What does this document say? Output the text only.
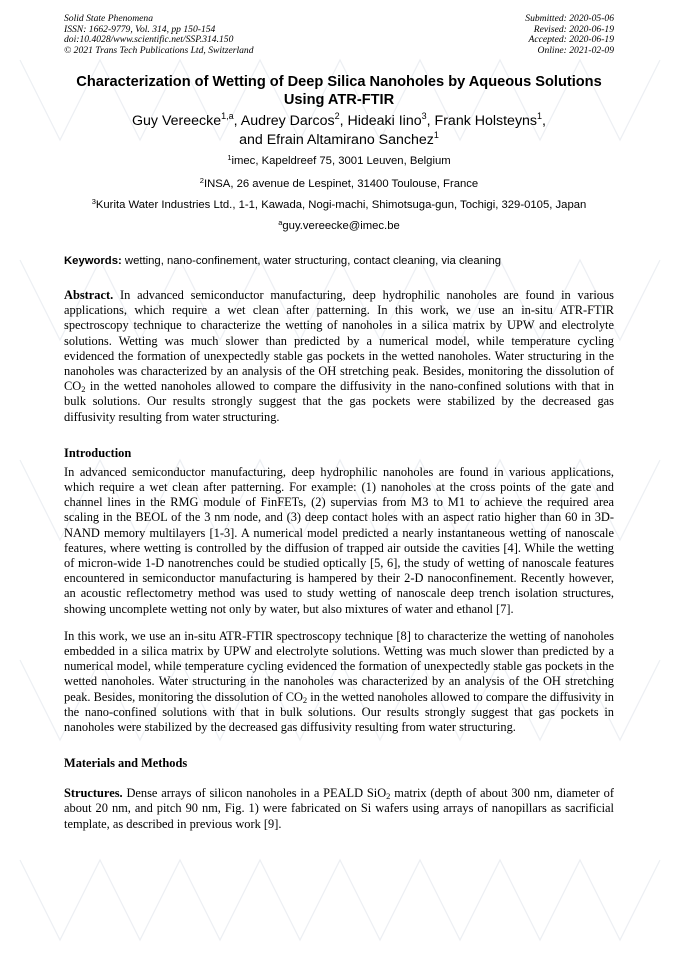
Solid State Phenomena
ISSN: 1662-9779, Vol. 314, pp 150-154
doi:10.4028/www.scientific.net/SSP.314.150
© 2021 Trans Tech Publications Ltd, Switzerland
Submitted: 2020-05-06
Revised: 2020-06-19
Accepted: 2020-06-19
Online: 2021-02-09
Characterization of Wetting of Deep Silica Nanoholes by Aqueous Solutions Using ATR-FTIR
Guy Vereecke$^{1,a}$, Audrey Darcos$^2$, Hideaki Iino$^3$, Frank Holsteyns$^1$,
and Efrain Altamirano Sanchez$^1$
$^1$imec, Kapeldreef 75, 3001 Leuven, Belgium
$^2$INSA, 26 avenue de Lespinet, 31400 Toulouse, France
$^3$Kurita Water Industries Ltd., 1-1, Kawada, Nogi-machi, Shimotsuga-gun, Tochigi, 329-0105, Japan
$^a$guy.vereecke@imec.be
Keywords: wetting, nano-confinement, water structuring, contact cleaning, via cleaning
Abstract. In advanced semiconductor manufacturing, deep hydrophilic nanoholes are found in various applications, which require a wet clean after patterning. In this work, we use an in-situ ATR-FTIR spectroscopy technique to characterize the wetting of nanoholes in a silica matrix by UPW and electrolyte solutions. Wetting was much slower than predicted by a numerical model, while temperature cycling evidenced the formation of unexpectedly stable gas pockets in the wetted nanoholes. Water structuring in the nanoholes was characterized by an analysis of the OH stretching peak. Besides, monitoring the dissolution of $CO_2$ in the wetted nanoholes allowed to compare the diffusivity in the nano-confined solutions with that in bulk solutions. Our results strongly suggest that the gas pockets were stabilized by the decreased gas diffusivity resulting from water structuring.
Introduction
In advanced semiconductor manufacturing, deep hydrophilic nanoholes are found in various applications, which require a wet clean after patterning. For example: (1) nanoholes at the cross points of the gate and channel lines in the RMG module of FinFETs, (2) supervias from M3 to M1 to achieve the required area scaling in the BEOL of the 3 nm node, and (3) deep contact holes with an aspect ratio higher than 60 in 3D-NAND memory multilayers [1-3]. A numerical model predicted a nearly instantaneous wetting of nanoscale features, where wetting is controlled by the diffusion of trapped air outside the cavities [4]. While the wetting of micron-wide 1-D nanotrenches could be studied optically [5, 6], the study of wetting of nanoscale features encountered in semiconductor manufacturing is hampered by their 2-D nanoconfinement. Recently however, an acoustic reflectometry method was used to study wetting of nanoscale deep trench isolation structures, showing uncomplete wetting not only by water, but also mixtures of water and ethanol [7].
In this work, we use an in-situ ATR-FTIR spectroscopy technique [8] to characterize the wetting of nanoholes embedded in a silica matrix by UPW and electrolyte solutions. Wetting was much slower than predicted by a numerical model, while temperature cycling evidenced the formation of unexpectedly stable gas pockets in the wetted nanoholes. Water structuring in the nanoholes was characterized by an analysis of the OH stretching peak. Besides, monitoring the dissolution of $CO_2$ in the wetted nanoholes allowed to compare the diffusivity in the nano-confined solutions with that in bulk solutions. Our results strongly suggest that gas pockets in nanoholes were stabilized by the decreased gas diffusivity resulting from water structuring.
Materials and Methods
Structures. Dense arrays of silicon nanoholes in a PEALD SiO$_2$ matrix (depth of about 300 nm, diameter of about 20 nm, and pitch 90 nm, Fig. 1) were fabricated on Si wafers using arrays of nanopillars as sacrificial template, as described in previous work [9].
